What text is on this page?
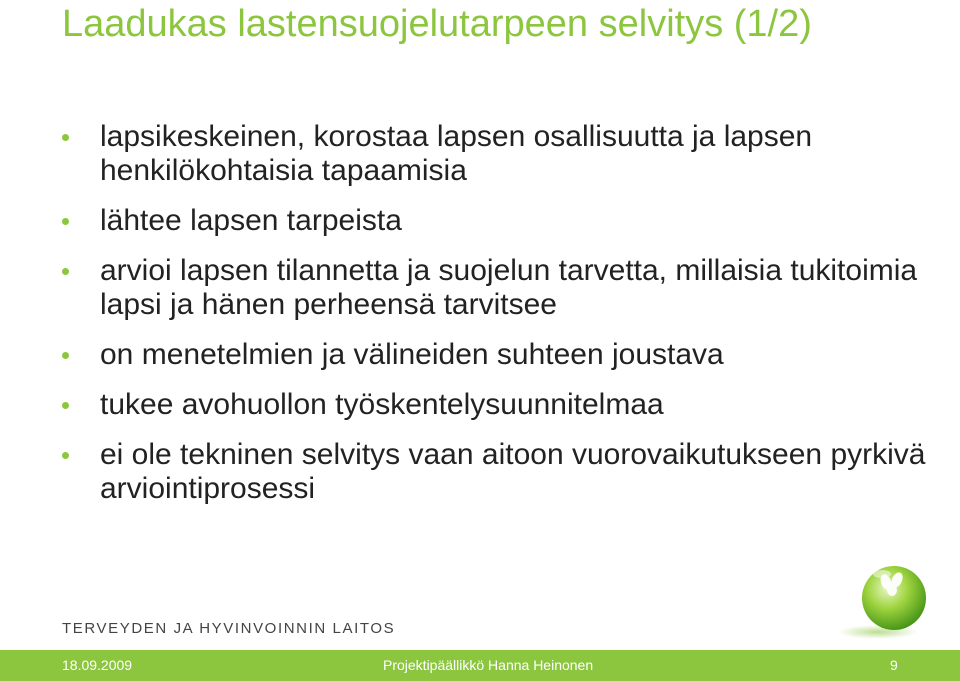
Laadukas lastensuojelutarpeen selvitys (1/2)
lapsikeskeinen, korostaa lapsen osallisuutta ja lapsen henkilökohtaisia tapaamisia
lähtee lapsen tarpeista
arvioi lapsen tilannetta ja suojelun tarvetta, millaisia tukitoimia lapsi ja hänen perheensä tarvitsee
on menetelmien ja välineiden suhteen joustava
tukee avohuollon työskentelysuunnitelmaa
ei ole tekninen selvitys vaan aitoon vuorovaikutukseen pyrkivä arviointiprosessi
TERVEYDEN JA HYVINVOINNIN LAITOS
18.09.2009	Projektipäällikkö Hanna Heinonen	9
